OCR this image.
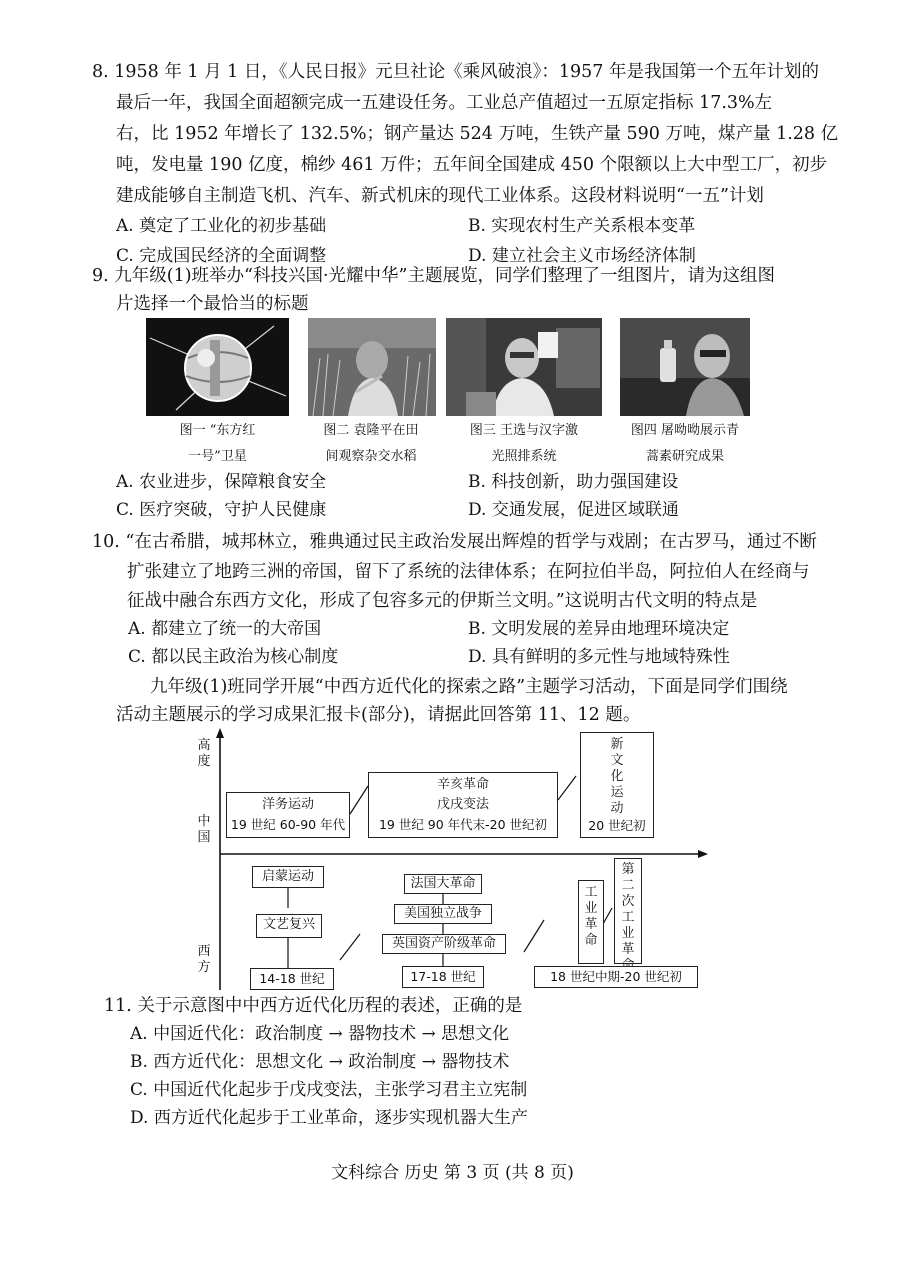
8. 1958 年 1 月 1 日，《人民日报》元旦社论《乘风破浪》：1957 年是我国第一个五年计划的
最后一年，我国全面超额完成一五建设任务。工业总产值超过一五原定指标 17.3%左
右，比 1952 年增长了 132.5%；钢产量达 524 万吨，生铁产量 590 万吨，煤产量 1.28 亿
吨，发电量 190 亿度，棉纱 461 万件；五年间全国建成 450 个限额以上大中型工厂，初步
建成能够自主制造飞机、汽车、新式机床的现代工业体系。这段材料说明“一五”计划
A. 奠定了工业化的初步基础	B. 实现农村生产关系根本变革
C. 完成国民经济的全面调整	D. 建立社会主义市场经济体制
9. 九年级(1)班举办“科技兴国·光耀中华”主题展览，同学们整理了一组图片，请为这组图
片选择一个最恰当的标题
图一 “东方红
一号”卫星
图二 袁隆平在田
间观察杂交水稻
图三 王选与汉字激
光照排系统
图四 屠呦呦展示青
蒿素研究成果
A. 农业进步，保障粮食安全	B. 科技创新，助力强国建设
C. 医疗突破，守护人民健康	D. 交通发展，促进区域联通
10. “在古希腊，城邦林立，雅典通过民主政治发展出辉煌的哲学与戏剧；在古罗马，通过不断
扩张建立了地跨三洲的帝国，留下了系统的法律体系；在阿拉伯半岛，阿拉伯人在经商与
征战中融合东西方文化，形成了包容多元的伊斯兰文明。”这说明古代文明的特点是
A. 都建立了统一的大帝国	B. 文明发展的差异由地理环境决定
C. 都以民主政治为核心制度	D. 具有鲜明的多元性与地域特殊性
九年级(1)班同学开展“中西方近代化的探索之路”主题学习活动，下面是同学们围绕
活动主题展示的学习成果汇报卡(部分)，请据此回答第 11、12 题。
高度
中国
西方
洋务运动
19 世纪 60-90 年代
辛亥革命
戊戌变法
19 世纪 90 年代末-20 世纪初
新
文
化
运
动
20 世纪初
启蒙运动
文艺复兴
14-18 世纪
法国大革命
美国独立战争
英国资产阶级革命
17-18 世纪
工
业
革
命
第
二
次
工
业
革
18 世纪中期-20 世纪初
11. 关于示意图中中西方近代化历程的表述，正确的是
A. 中国近代化：政治制度 → 器物技术 → 思想文化
B. 西方近代化：思想文化 → 政治制度 → 器物技术
C. 中国近代化起步于戊戌变法，主张学习君主立宪制
D. 西方近代化起步于工业革命，逐步实现机器大生产
文科综合 历史 第 3 页 (共 8 页)
